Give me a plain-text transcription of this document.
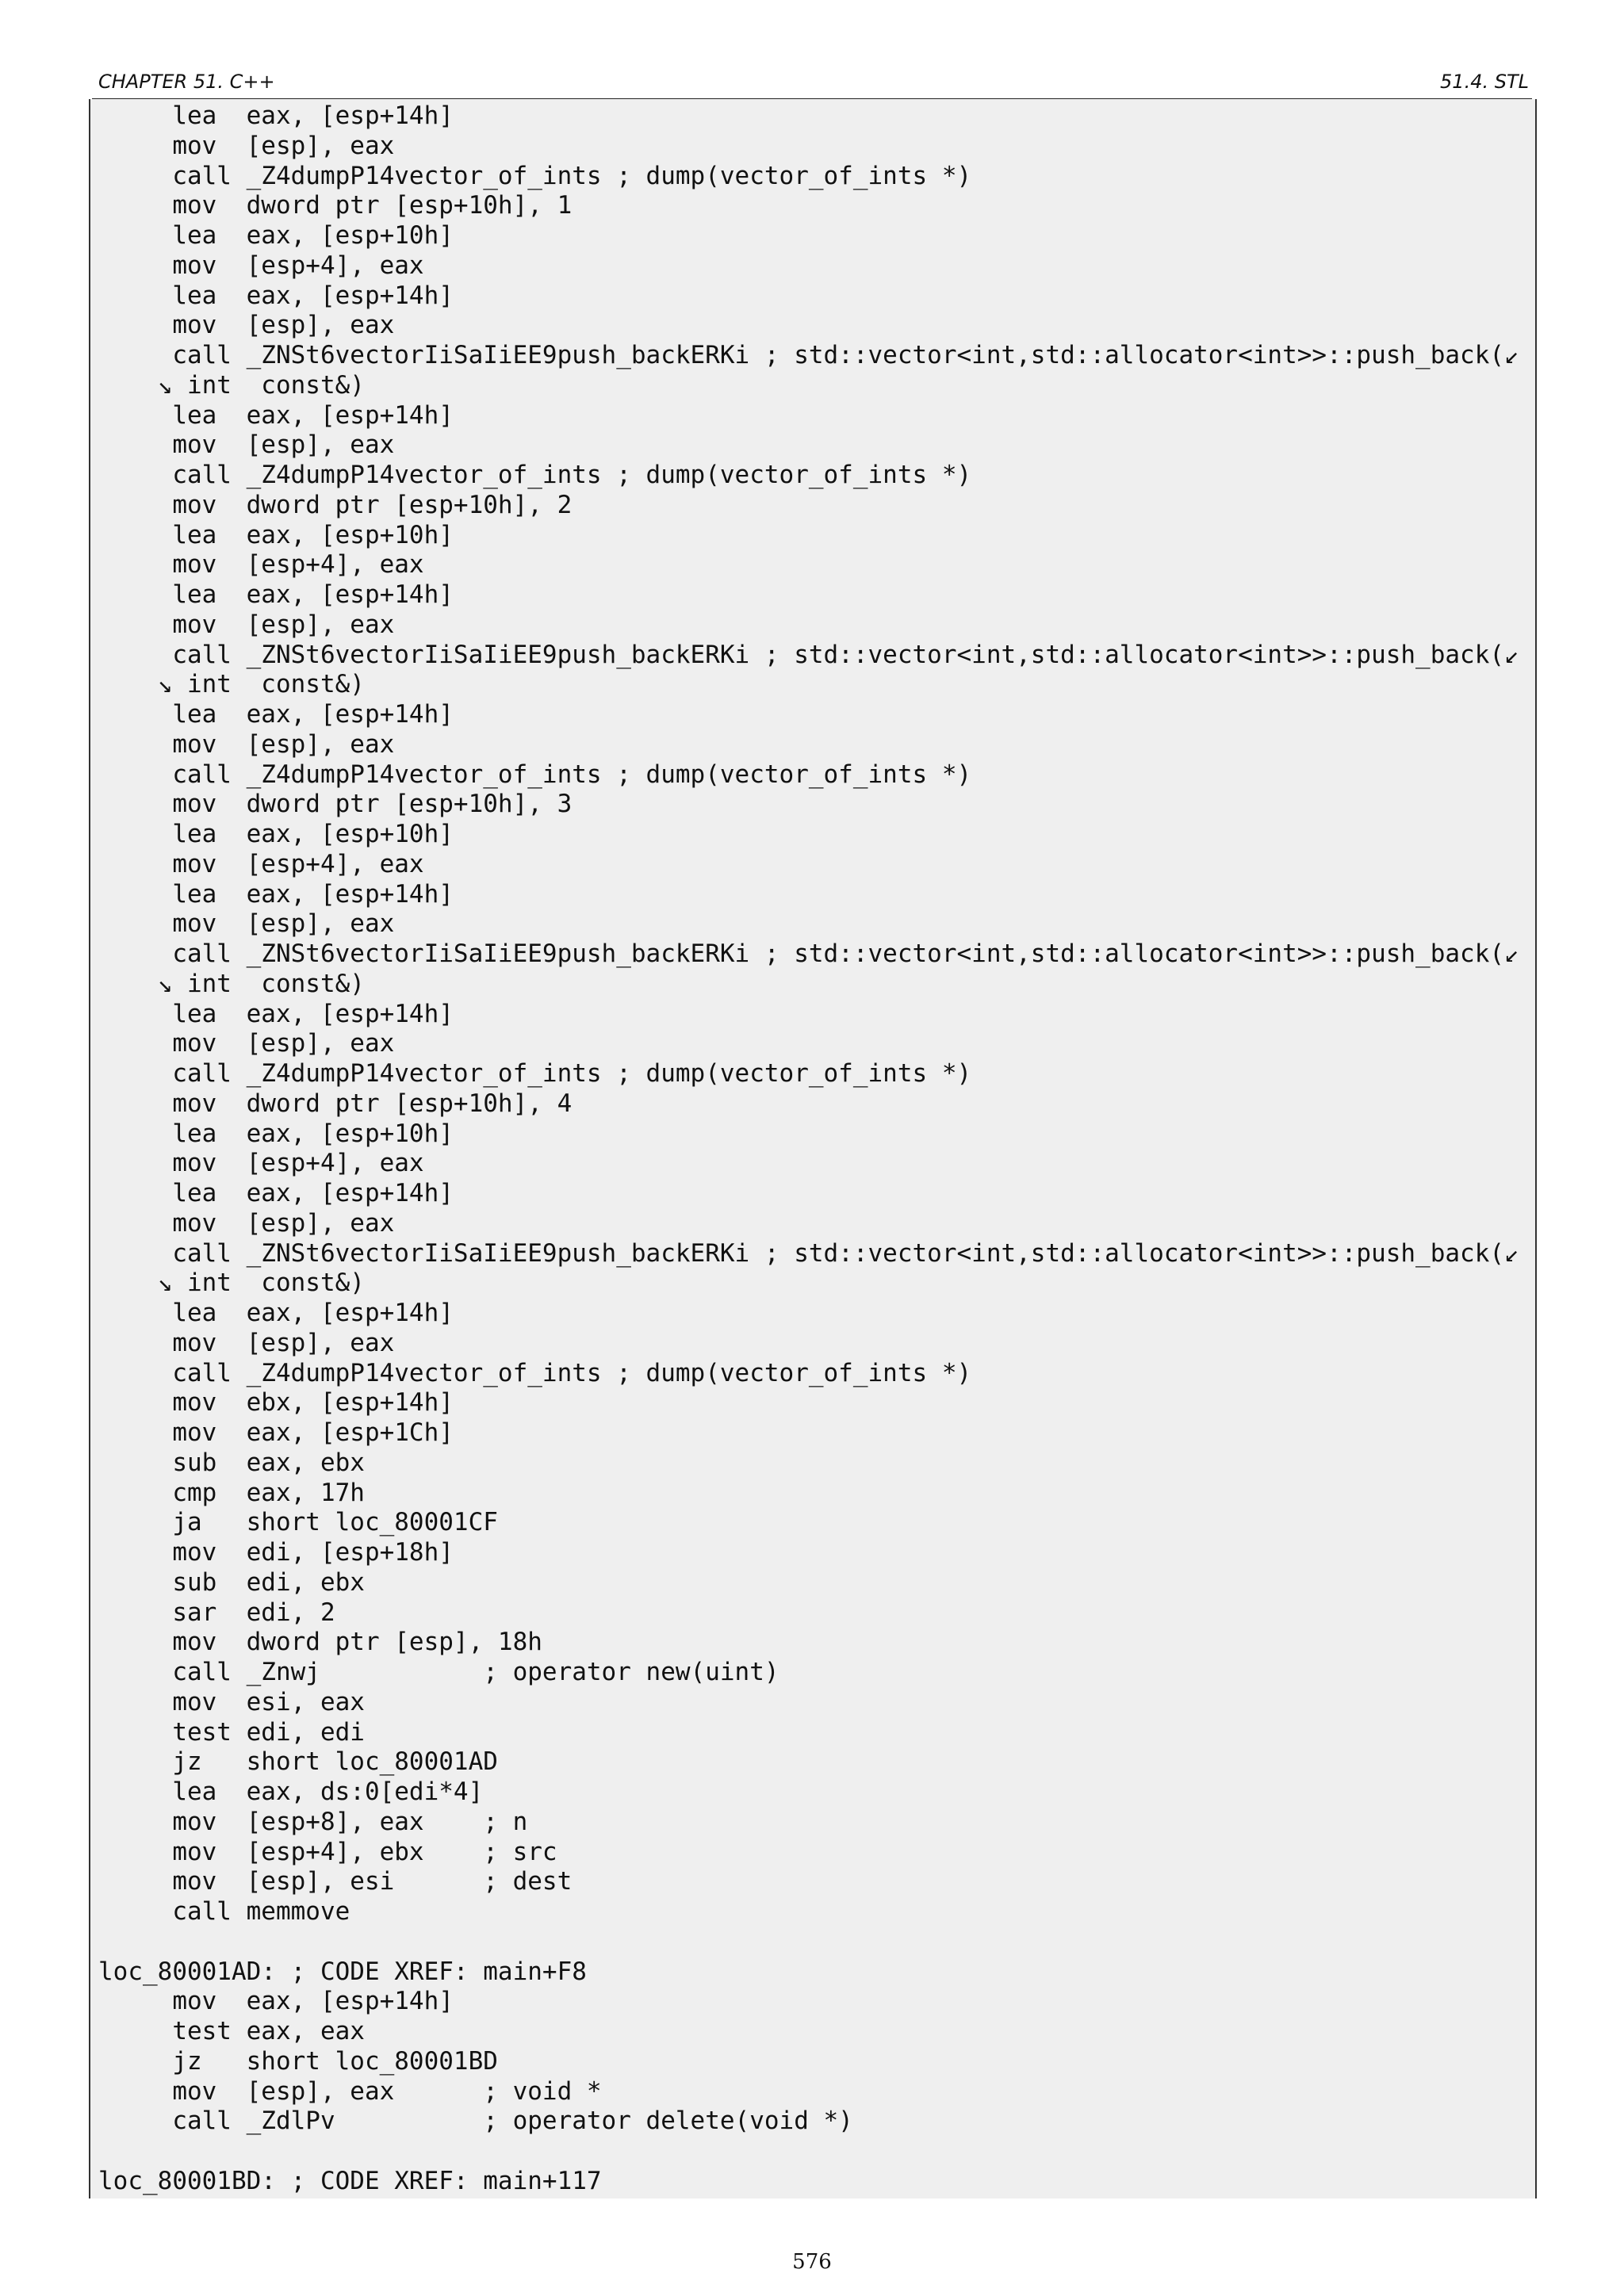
CHAPTER 51. C++	51.4. STL
lea  eax, [esp+14h]
mov  [esp], eax
call _Z4dumpP14vector_of_ints ; dump(vector_of_ints *)
mov  dword ptr [esp+10h], 1
lea  eax, [esp+10h]
mov  [esp+4], eax
lea  eax, [esp+14h]
mov  [esp], eax
call _ZNSt6vectorIiSaIiEE9push_backERKi ; std::vector<int,std::allocator<int>>::push_back(↙
↘ int  const&)
lea  eax, [esp+14h]
mov  [esp], eax
call _Z4dumpP14vector_of_ints ; dump(vector_of_ints *)
mov  dword ptr [esp+10h], 2
lea  eax, [esp+10h]
mov  [esp+4], eax
lea  eax, [esp+14h]
mov  [esp], eax
call _ZNSt6vectorIiSaIiEE9push_backERKi ; std::vector<int,std::allocator<int>>::push_back(↙
↘ int  const&)
lea  eax, [esp+14h]
mov  [esp], eax
call _Z4dumpP14vector_of_ints ; dump(vector_of_ints *)
mov  dword ptr [esp+10h], 3
lea  eax, [esp+10h]
mov  [esp+4], eax
lea  eax, [esp+14h]
mov  [esp], eax
call _ZNSt6vectorIiSaIiEE9push_backERKi ; std::vector<int,std::allocator<int>>::push_back(↙
↘ int  const&)
lea  eax, [esp+14h]
mov  [esp], eax
call _Z4dumpP14vector_of_ints ; dump(vector_of_ints *)
mov  dword ptr [esp+10h], 4
lea  eax, [esp+10h]
mov  [esp+4], eax
lea  eax, [esp+14h]
mov  [esp], eax
call _ZNSt6vectorIiSaIiEE9push_backERKi ; std::vector<int,std::allocator<int>>::push_back(↙
↘ int  const&)
lea  eax, [esp+14h]
mov  [esp], eax
call _Z4dumpP14vector_of_ints ; dump(vector_of_ints *)
mov  ebx, [esp+14h]
mov  eax, [esp+1Ch]
sub  eax, ebx
cmp  eax, 17h
ja   short loc_80001CF
mov  edi, [esp+18h]
sub  edi, ebx
sar  edi, 2
mov  dword ptr [esp], 18h
call _Znwj           ; operator new(uint)
mov  esi, eax
test edi, edi
jz   short loc_80001AD
lea  eax, ds:0[edi*4]
mov  [esp+8], eax    ; n
mov  [esp+4], ebx    ; src
mov  [esp], esi      ; dest
call memmove

loc_80001AD: ; CODE XREF: main+F8
mov  eax, [esp+14h]
test eax, eax
jz   short loc_80001BD
mov  [esp], eax      ; void *
call _ZdlPv          ; operator delete(void *)

loc_80001BD: ; CODE XREF: main+117
576
